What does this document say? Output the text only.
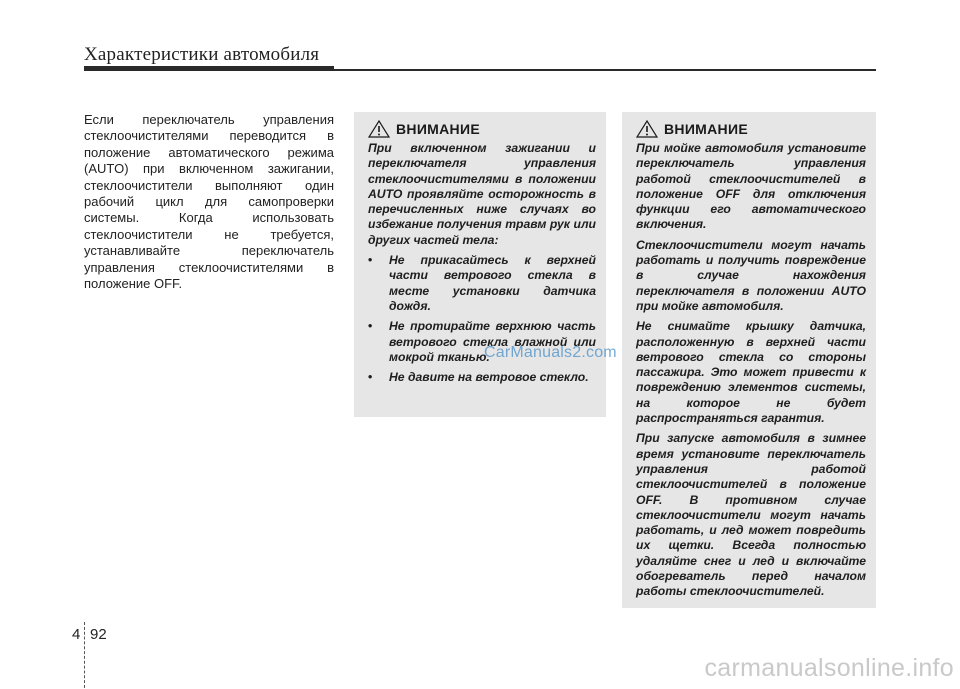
Характеристики автомобиля

Если переключатель управления стеклоочистителями переводится в положение автоматического режима (AUTO) при включенном зажигании, стеклоочистители выполняют один рабочий цикл для самопроверки системы. Когда использовать стеклоочистители не требуется, устанавливайте переключатель управления стеклоочистителями в положение OFF.

ВНИМАНИЕ

При включенном зажигании и переключателя управления стеклоочистителями в положении AUTO проявляйте осторожность в перечисленных ниже случаях во избежание получения травм рук или других частей тела:

• Не прикасайтесь к верхней части ветрового стекла в месте установки датчика дождя.
• Не протирайте верхнюю часть ветрового стекла влажной или мокрой тканью.
• Не давите на ветровое стекло.
ВНИМАНИЕ

При мойке автомобиля установите переключатель управления работой стеклоочистителей в положение OFF для отключения функции его автоматического включения.

Стеклоочистители могут начать работать и получить повреждение в случае нахождения переключателя в положении AUTO при мойке автомобиля.

Не снимайте крышку датчика, расположенную в верхней части ветрового стекла со стороны пассажира. Это может привести к повреждению элементов системы, на которое не будет распространяться гарантия.

При запуске автомобиля в зимнее время установите переключатель управления работой стеклоочистителей в положение OFF. В противном случае стеклоочистители могут начать работать, и лед может повредить их щетки. Всегда полностью удаляйте снег и лед и включайте обогреватель перед началом работы стеклоочистителей.

CarManuals2.com
4 92
carmanualsonline.info
